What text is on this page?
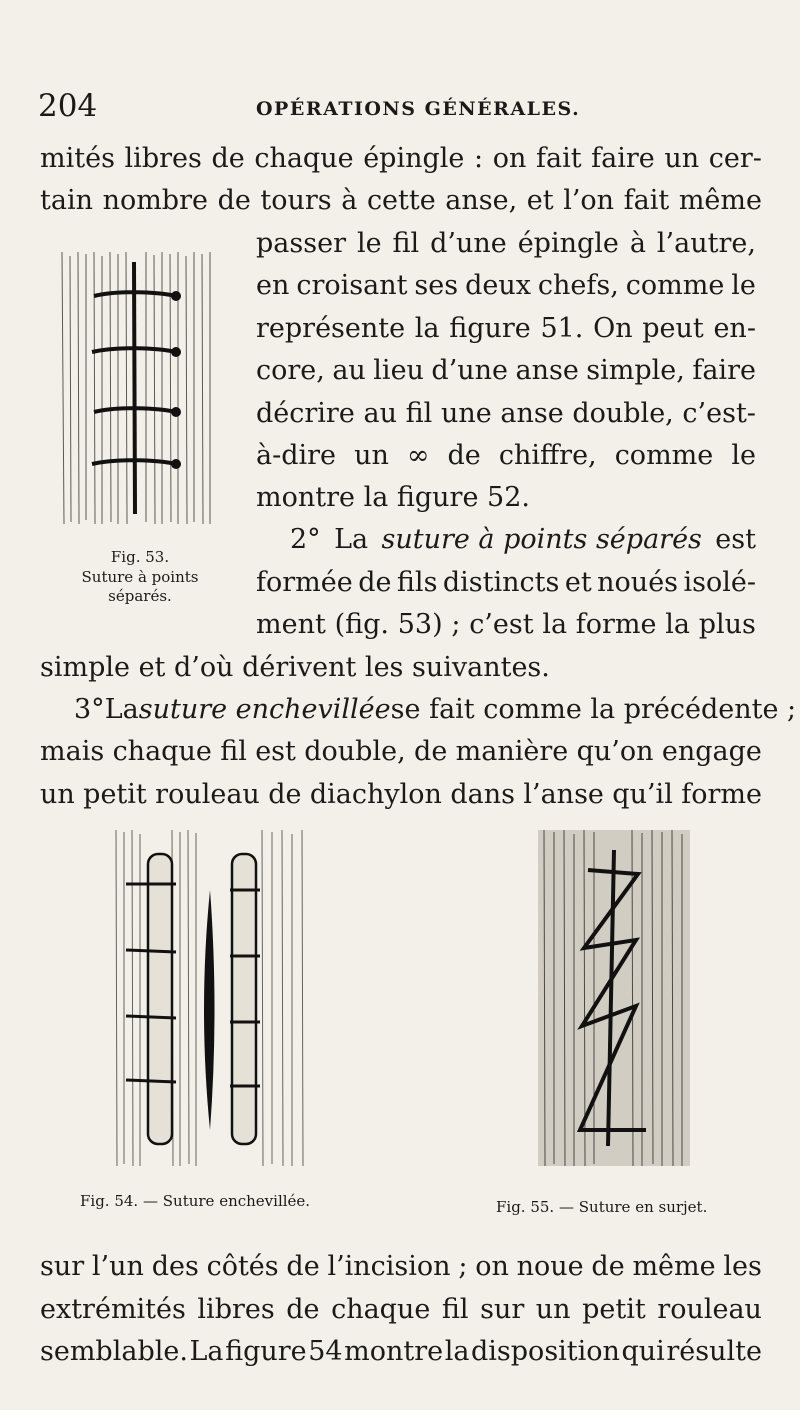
204	OPÉRATIONS GÉNÉRALES.
mités libres de chaque épingle : on fait faire un cer-
tain nombre de tours à cette anse, et l’on fait même
passer le fil d’une épingle à l’autre,
en croisant ses deux chefs, comme le
représente la figure 51. On peut en-
core, au lieu d’une anse simple, faire
décrire au fil une anse double, c’est-
à-dire un ∞ de chiffre, comme le
montre la figure 52.
2° La suture à points séparés est
formée de fils distincts et noués isolé-
ment (fig. 53) ; c’est la forme la plus
simple et d’où dérivent les suivantes.
3° La suture enchevillée se fait comme la précédente ;
mais chaque fil est double, de manière qu’on engage
un petit rouleau de diachylon dans l’anse qu’il forme
Fig. 53.
Suture à points
séparés.
Fig. 54. — Suture enchevillée.	Fig. 55. — Suture en surjet.
sur l’un des côtés de l’incision ; on noue de même les
extrémités libres de chaque fil sur un petit rouleau
semblable. La figure 54 montre la disposition qui résulte
